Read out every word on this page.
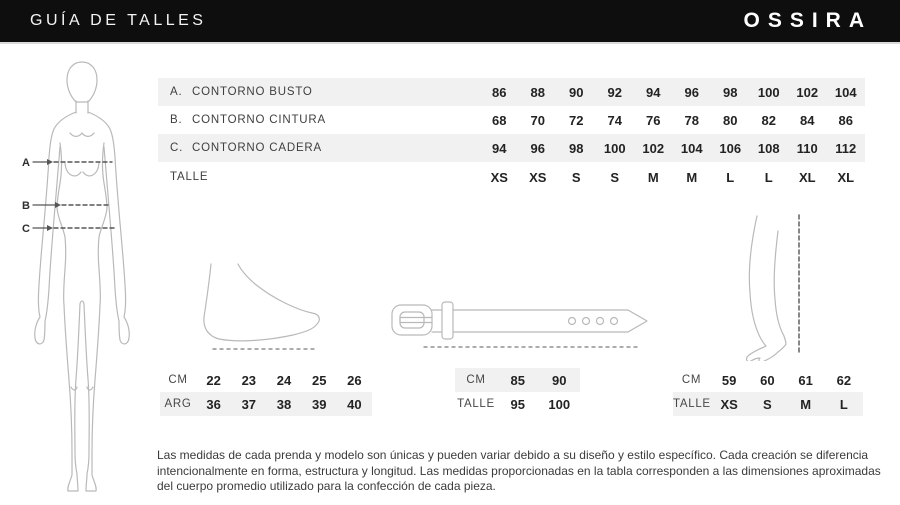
GUÍA DE TALLES	OSSIRA
A
B
C
A. CONTORNO BUSTO	86	88	90	92	94	96	98	100	102	104
B. CONTORNO CINTURA	68	70	72	74	76	78	80	82	84	86
C. CONTORNO CADERA	94	96	98	100	102	104	106	108	110	112
TALLE	XS	XS	S	S	M	M	L	L	XL	XL
CM	22	23	24	25	26
ARG	36	37	38	39	40
CM	85	90
TALLE	95	100
CM	59	60	61	62
TALLE XS	S	M	L

Las medidas de cada prenda y modelo son únicas y pueden variar debido a su diseño y estilo específico. Cada creación se diferencia intencionalmente en forma, estructura y longitud. Las medidas proporcionadas en la tabla corresponden a las dimensiones aproximadas del cuerpo promedio utilizado para la confección de cada pieza.
